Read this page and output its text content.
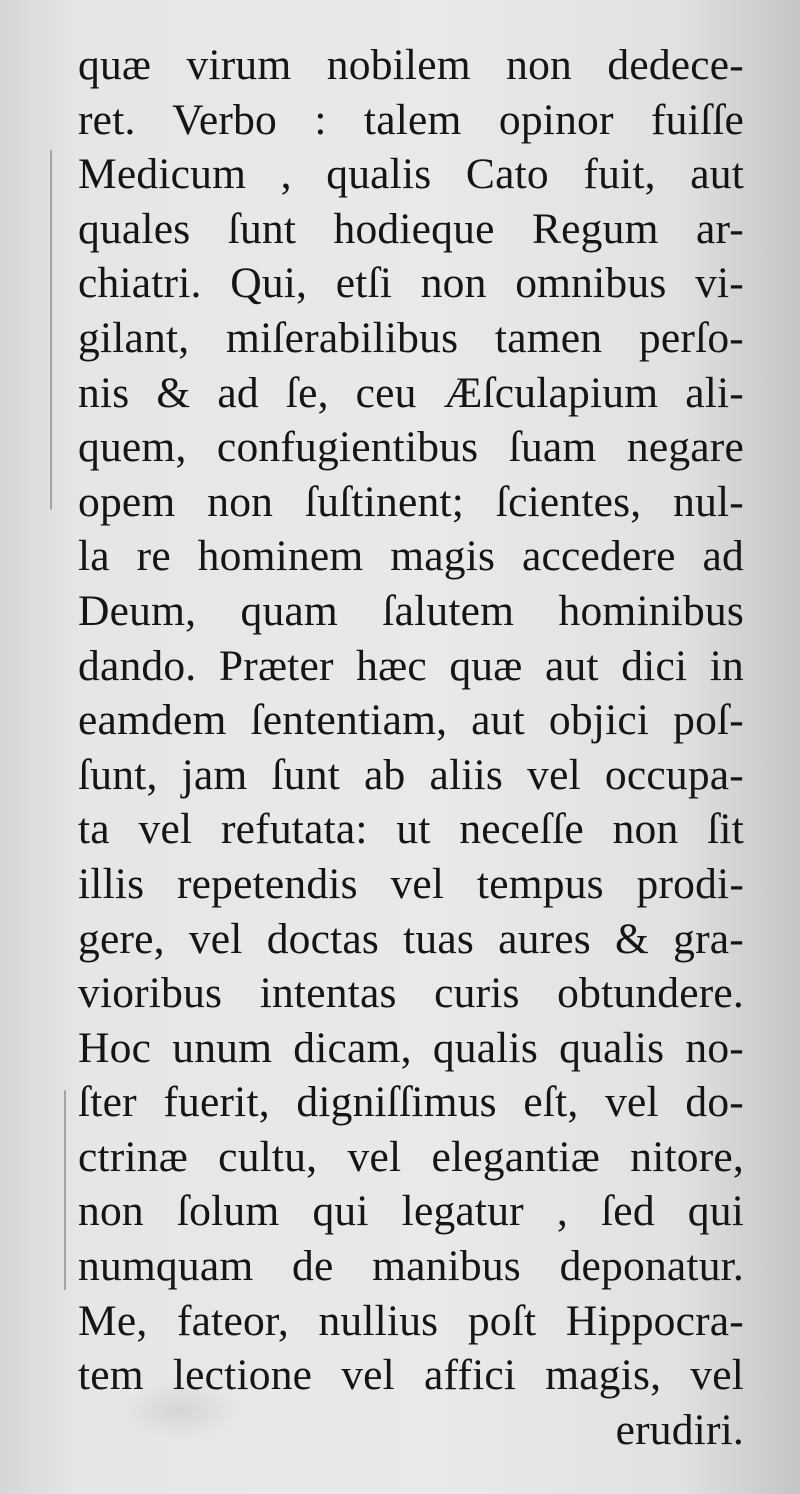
quæ virum nobilem non dedece-
ret. Verbo : talem opinor fuiſſe
Medicum , qualis Cato fuit, aut
quales ſunt hodieque Regum ar-
chiatri. Qui, etſi non omnibus vi-
gilant, miſerabilibus tamen perſo-
nis & ad ſe, ceu Æſculapium ali-
quem, confugientibus ſuam negare
opem non ſuſtinent; ſcientes, nul-
la re hominem magis accedere ad
Deum, quam ſalutem hominibus
dando. Præter hæc quæ aut dici in
eamdem ſententiam, aut objici poſ-
ſunt, jam ſunt ab aliis vel occupa-
ta vel refutata: ut neceſſe non ſit
illis repetendis vel tempus prodi-
gere, vel doctas tuas aures & gra-
vioribus intentas curis obtundere.
Hoc unum dicam, qualis qualis no-
ſter fuerit, digniſſimus eſt, vel do-
ctrinæ cultu, vel elegantiæ nitore,
non ſolum qui legatur , ſed qui
numquam de manibus deponatur.
Me, fateor, nullius poſt Hippocra-
tem lectione vel affici magis, vel
erudiri.
